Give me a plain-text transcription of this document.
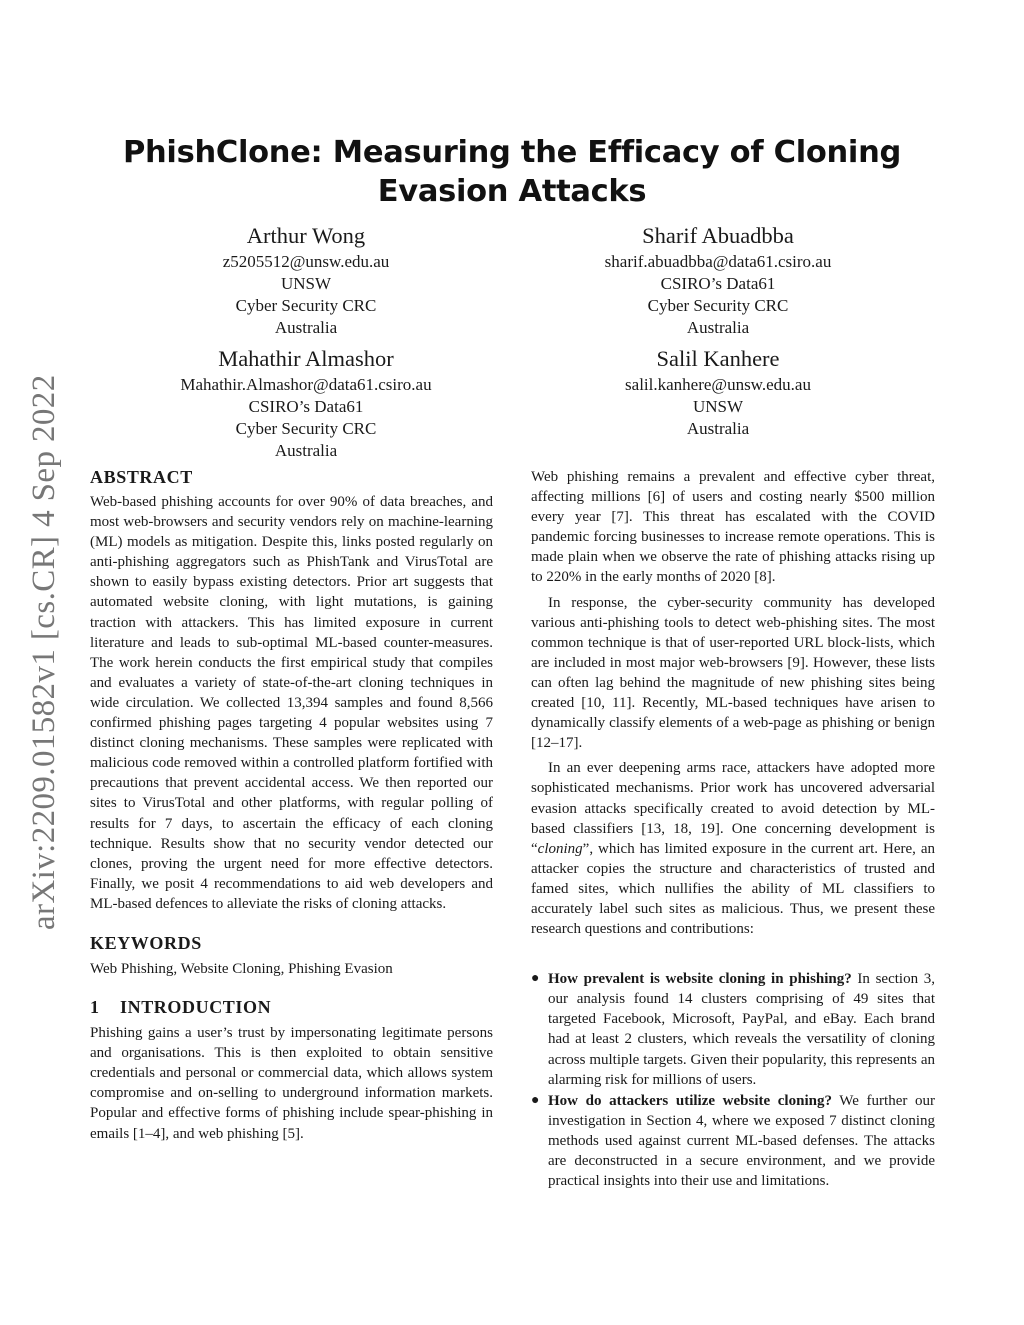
arXiv:2209.01582v1 [cs.CR] 4 Sep 2022
PhishClone: Measuring the Efficacy of Cloning Evasion Attacks
Arthur Wong
z5205512@unsw.edu.au
UNSW
Cyber Security CRC
Australia
Sharif Abuadbba
sharif.abuadbba@data61.csiro.au
CSIRO’s Data61
Cyber Security CRC
Australia
Mahathir Almashor
Mahathir.Almashor@data61.csiro.au
CSIRO’s Data61
Cyber Security CRC
Australia
Salil Kanhere
salil.kanhere@unsw.edu.au
UNSW
Australia
ABSTRACT

Web-based phishing accounts for over 90% of data breaches, and most web-browsers and security vendors rely on machine-learning (ML) models as mitigation. Despite this, links posted regularly on anti-phishing aggregators such as PhishTank and VirusTotal are shown to easily bypass existing detectors. Prior art suggests that automated website cloning, with light mutations, is gaining traction with attackers. This has limited exposure in current literature and leads to sub-optimal ML-based counter-measures. The work herein conducts the first empirical study that compiles and evaluates a variety of state-of-the-art cloning techniques in wide circulation. We collected 13,394 samples and found 8,566 confirmed phishing pages targeting 4 popular websites using 7 distinct cloning mechanisms. These samples were replicated with malicious code removed within a controlled platform fortified with precautions that prevent accidental access. We then reported our sites to VirusTotal and other platforms, with regular polling of results for 7 days, to ascertain the efficacy of each cloning technique. Results show that no security vendor detected our clones, proving the urgent need for more effective detectors. Finally, we posit 4 recommendations to aid web developers and ML-based defences to alleviate the risks of cloning attacks.

KEYWORDS

Web Phishing, Website Cloning, Phishing Evasion

1 INTRODUCTION

Phishing gains a user’s trust by impersonating legitimate persons and organisations. This is then exploited to obtain sensitive credentials and personal or commercial data, which allows system compromise and on-selling to underground information markets. Popular and effective forms of phishing include spear-phishing in emails [1–4], and web phishing [5].

Web phishing remains a prevalent and effective cyber threat, affecting millions [6] of users and costing nearly $500 million every year [7]. This threat has escalated with the COVID pandemic forcing businesses to increase remote operations. This is made plain when we observe the rate of phishing attacks rising up to 220% in the early months of 2020 [8].

In response, the cyber-security community has developed various anti-phishing tools to detect web-phishing sites. The most common technique is that of user-reported URL block-lists, which are included in most major web-browsers [9]. However, these lists can often lag behind the magnitude of new phishing sites being created [10, 11]. Recently, ML-based techniques have arisen to dynamically classify elements of a web-page as phishing or benign [12–17].

In an ever deepening arms race, attackers have adopted more sophisticated mechanisms. Prior work has uncovered adversarial evasion attacks specifically created to avoid detection by ML-based classifiers [13, 18, 19]. One concerning development is “cloning”, which has limited exposure in the current art. Here, an attacker copies the structure and characteristics of trusted and famed sites, which nullifies the ability of ML classifiers to accurately label such sites as malicious. Thus, we present these research questions and contributions:

● How prevalent is website cloning in phishing? In section 3, our analysis found 14 clusters comprising of 49 sites that targeted Facebook, Microsoft, PayPal, and eBay. Each brand had at least 2 clusters, which reveals the versatility of cloning across multiple targets. Given their popularity, this represents an alarming risk for millions of users.
● How do attackers utilize website cloning? We further our investigation in Section 4, where we exposed 7 distinct cloning methods used against current ML-based defenses. The attacks are deconstructed in a secure environment, and we provide practical insights into their use and limitations.
